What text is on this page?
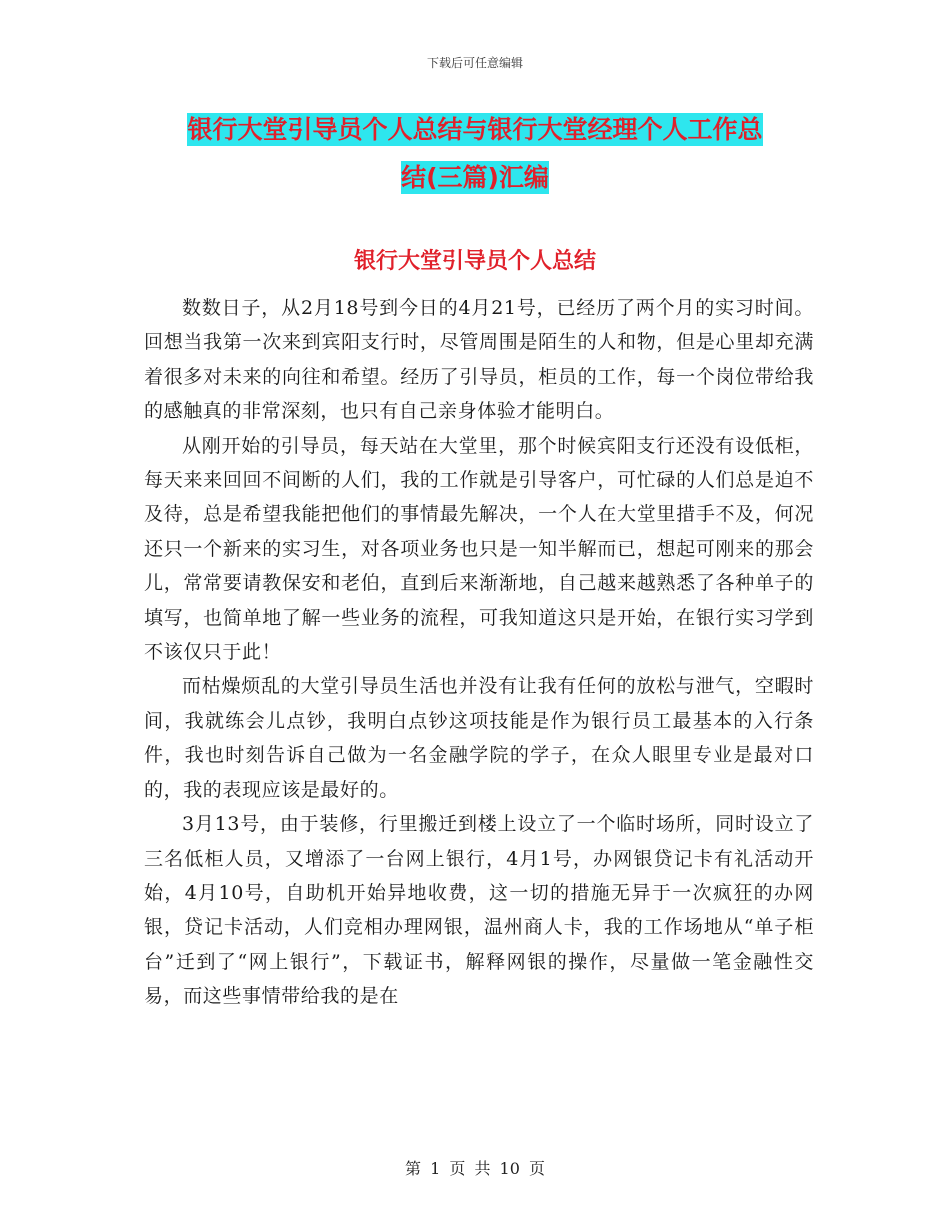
下载后可任意编辑
银行大堂引导员个人总结与银行大堂经理个人工作总
结(三篇)汇编
银行大堂引导员个人总结

数数日子，从2月18号到今日的4月21号，已经历了两个月的实习时间。回想当我第一次来到宾阳支行时，尽管周围是陌生的人和物，但是心里却充满着很多对未来的向往和希望。经历了引导员，柜员的工作，每一个岗位带给我的感触真的非常深刻，也只有自己亲身体验才能明白。

从刚开始的引导员，每天站在大堂里，那个时候宾阳支行还没有设低柜，每天来来回回不间断的人们，我的工作就是引导客户，可忙碌的人们总是迫不及待，总是希望我能把他们的事情最先解决，一个人在大堂里措手不及，何况还只一个新来的实习生，对各项业务也只是一知半解而已，想起可刚来的那会儿，常常要请教保安和老伯，直到后来渐渐地，自己越来越熟悉了各种单子的填写，也简单地了解一些业务的流程，可我知道这只是开始，在银行实习学到不该仅只于此！

而枯燥烦乱的大堂引导员生活也并没有让我有任何的放松与泄气，空暇时间，我就练会儿点钞，我明白点钞这项技能是作为银行员工最基本的入行条件，我也时刻告诉自己做为一名金融学院的学子，在众人眼里专业是最对口的，我的表现应该是最好的。

3月13号，由于装修，行里搬迁到楼上设立了一个临时场所，同时设立了三名低柜人员，又增添了一台网上银行，4月1号，办网银贷记卡有礼活动开始，4月10号，自助机开始异地收费，这一切的措施无异于一次疯狂的办网银，贷记卡活动，人们竞相办理网银，温州商人卡，我的工作场地从“单子柜台”迁到了“网上银行”，下载证书，解释网银的操作，尽量做一笔金融性交易，而这些事情带给我的是在

第 1 页 共 10 页
